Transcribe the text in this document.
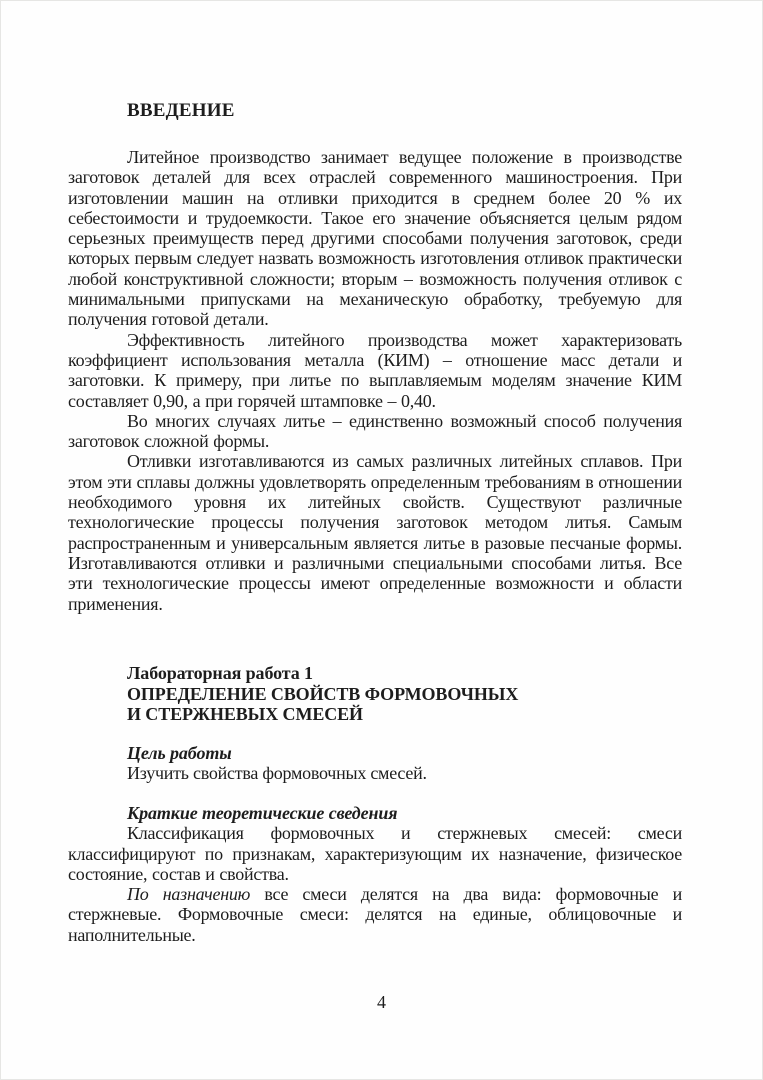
ВВЕДЕНИЕ

Литейное производство занимает ведущее положение в производстве заготовок деталей для всех отраслей современного машиностроения. При изготовлении машин на отливки приходится в среднем более 20 % их себестоимости и трудоемкости. Такое его значение объясняется целым рядом серьезных преимуществ перед другими способами получения заготовок, среди которых первым следует назвать возможность изготовления отливок практически любой конструктивной сложности; вторым – возможность получения отливок с минимальными припусками на механическую обработку, требуемую для получения готовой детали.

Эффективность литейного производства может характеризовать коэффициент использования металла (КИМ) – отношение масс детали и заготовки. К примеру, при литье по выплавляемым моделям значение КИМ составляет 0,90, а при горячей штамповке – 0,40.

Во многих случаях литье – единственно возможный способ получения заготовок сложной формы.

Отливки изготавливаются из самых различных литейных сплавов. При этом эти сплавы должны удовлетворять определенным требованиям в отношении необходимого уровня их литейных свойств. Существуют различные технологические процессы получения заготовок методом литья. Самым распространенным и универсальным является литье в разовые песчаные формы. Изготавливаются отливки и различными специальными способами литья. Все эти технологические процессы имеют определенные возможности и области применения.

Лабораторная работа 1
ОПРЕДЕЛЕНИЕ СВОЙСТВ ФОРМОВОЧНЫХ
И СТЕРЖНЕВЫХ СМЕСЕЙ

Цель работы

Изучить свойства формовочных смесей.

Краткие теоретические сведения

Классификация формовочных и стержневых смесей: смеси классифицируют по признакам, характеризующим их назначение, физическое состояние, состав и свойства.

По назначению все смеси делятся на два вида: формовочные и стержневые. Формовочные смеси: делятся на единые, облицовочные и наполнительные.

4
